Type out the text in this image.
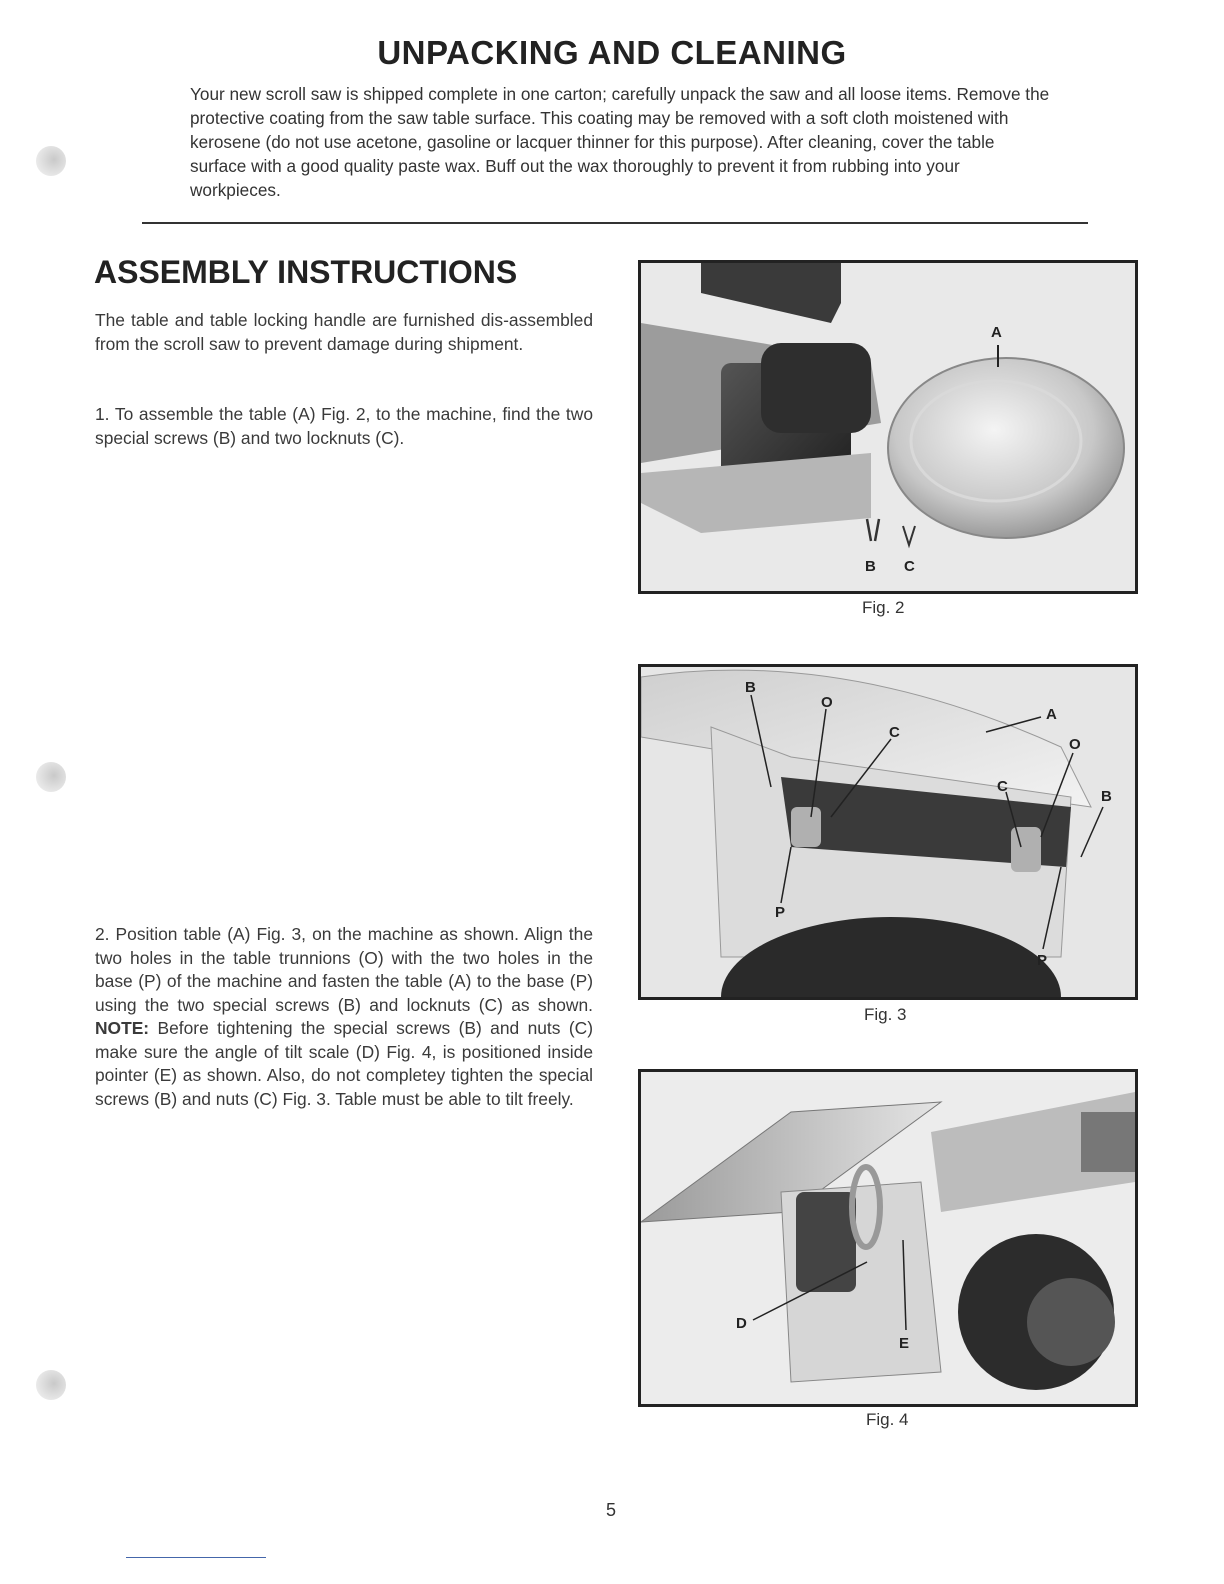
UNPACKING AND CLEANING

Your new scroll saw is shipped complete in one carton; carefully unpack the saw and all loose items. Remove the protective coating from the saw table surface. This coating may be removed with a soft cloth moistened with kerosene (do not use acetone, gasoline or lacquer thinner for this purpose). After cleaning, cover the table surface with a good quality paste wax. Buff out the wax thoroughly to prevent it from rubbing into your workpieces.

ASSEMBLY INSTRUCTIONS

The table and table locking handle are furnished dis-assembled from the scroll saw to prevent damage during shipment.

1. To assemble the table (A) Fig. 2, to the machine, find the two special screws (B) and two locknuts (C).

2. Position table (A) Fig. 3, on the machine as shown. Align the two holes in the table trunnions (O) with the two holes in the base (P) of the machine and fasten the table (A) to the base (P) using the two special screws (B) and locknuts (C) as shown. NOTE: Before tightening the special screws (B) and nuts (C) make sure the angle of tilt scale (D) Fig. 4, is positioned inside pointer (E) as shown. Also, do not completey tighten the special screws (B) and nuts (C) Fig. 3. Table must be able to tilt freely.

A
B C
Fig. 2
B
O
C
A
O
B
C
P
P
Fig. 3
D
E
Fig. 4
5
